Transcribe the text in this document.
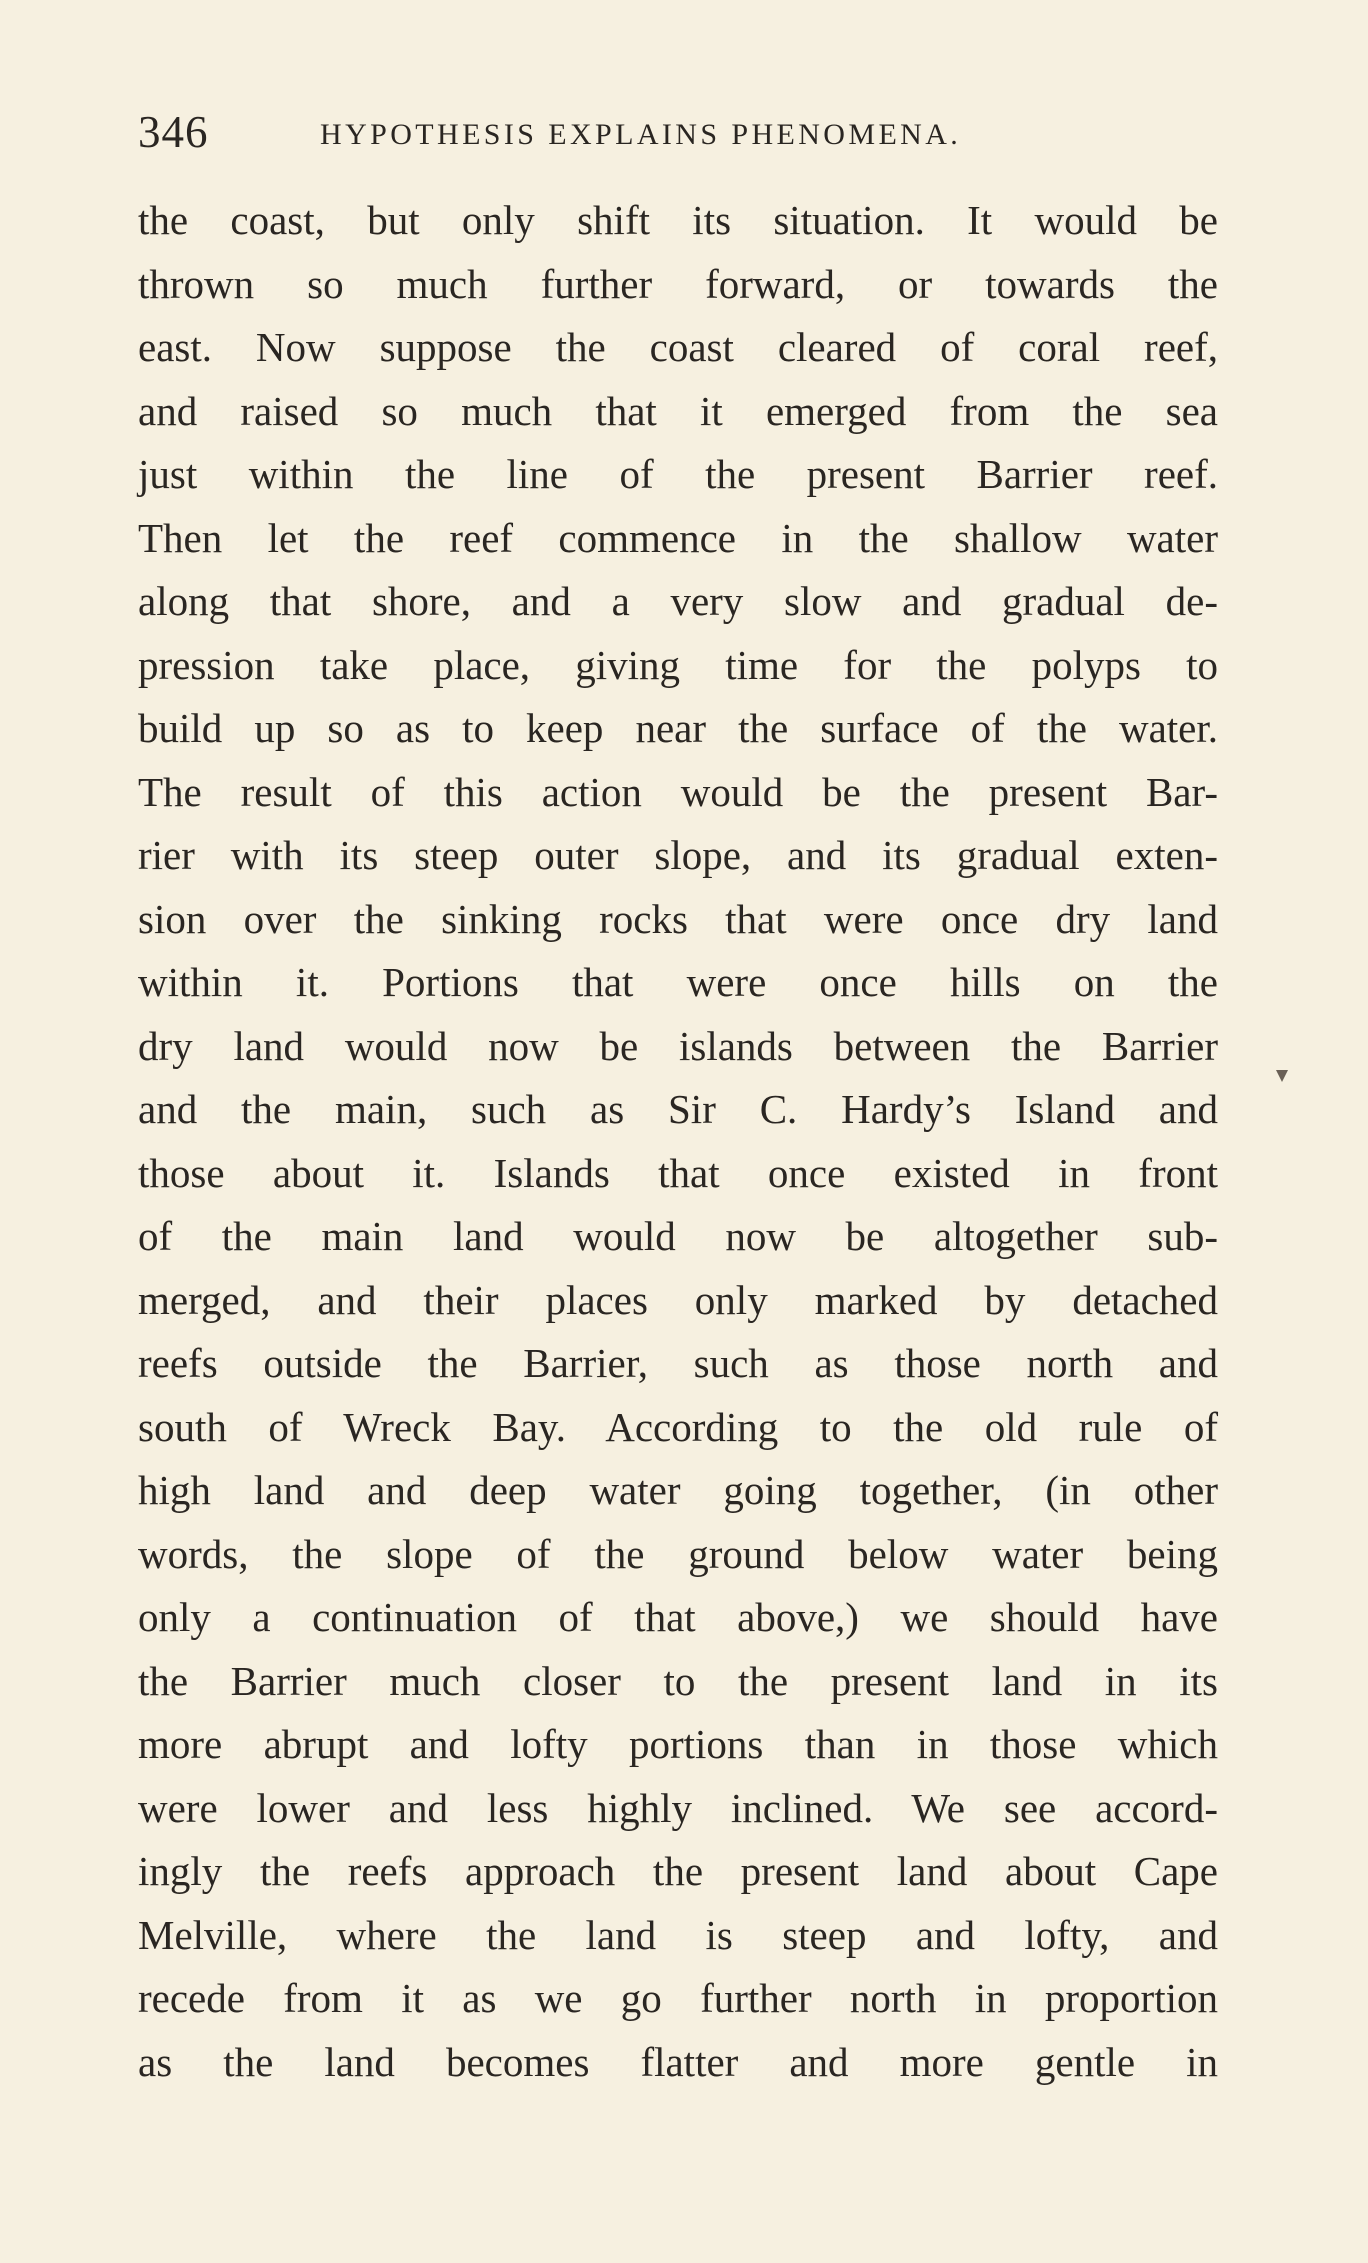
346	HYPOTHESIS EXPLAINS PHENOMENA.
the coast, but only shift its situation. It would be
thrown so much further forward, or towards the
east. Now suppose the coast cleared of coral reef,
and raised so much that it emerged from the sea
just within the line of the present Barrier reef.
Then let the reef commence in the shallow water
along that shore, and a very slow and gradual de-
pression take place, giving time for the polyps to
build up so as to keep near the surface of the water.
The result of this action would be the present Bar-
rier with its steep outer slope, and its gradual exten-
sion over the sinking rocks that were once dry land
within it. Portions that were once hills on the
dry land would now be islands between the Barrier
and the main, such as Sir C. Hardy’s Island and
those about it. Islands that once existed in front
of the main land would now be altogether sub-
merged, and their places only marked by detached
reefs outside the Barrier, such as those north and
south of Wreck Bay. According to the old rule of
high land and deep water going together, (in other
words, the slope of the ground below water being
only a continuation of that above,) we should have
the Barrier much closer to the present land in its
more abrupt and lofty portions than in those which
were lower and less highly inclined. We see accord-
ingly the reefs approach the present land about Cape
Melville, where the land is steep and lofty, and
recede from it as we go further north in proportion
as the land becomes flatter and more gentle in
